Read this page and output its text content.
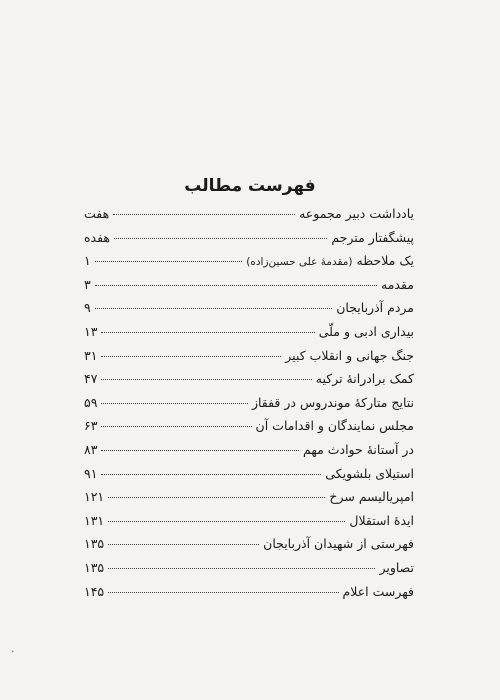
فهرست مطالب
يادداشت دبير مجموعه
هفت
پيشگفتار مترجم
هفده
يک ملاحظه (مقدمهٔ علی حسين‌زاده)
۱
مقدمه
۳
مردم آذربايجان
۹
بيداری ادبی و ملّی
۱۳
جنگ جهانی و انقلاب كبير
۳۱
كمک برادرانهٔ تركيه
۴۷
نتايج متاركهٔ موندروس در قفقاز
۵۹
مجلس نمايندگان و اقدامات آن
۶۳
در آستانهٔ حوادث مهم
۸۳
استيلای بلشويكی
۹۱
امپرياليسم سرخ
۱۲۱
ايدهٔ استقلال
۱۳۱
فهرستی از شهيدان آذربايجان
۱۳۵
تصاوير
۱۳۵
فهرست اعلام
۱۴۵
۰
